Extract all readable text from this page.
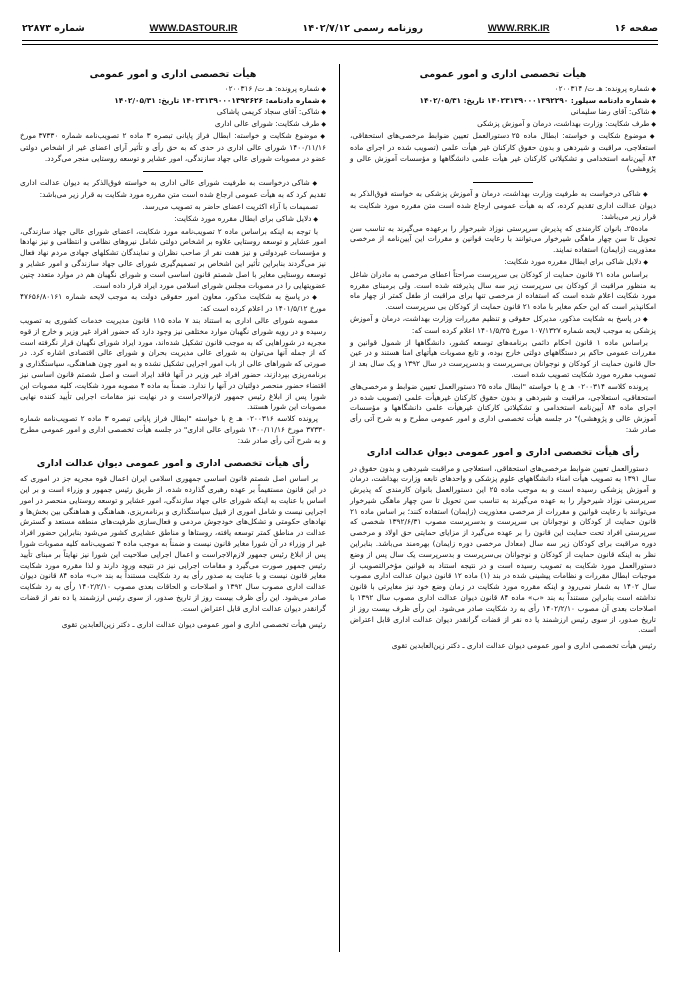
صفحه ۱۶
WWW.RRK.IR
روزنامه رسمی ۱۴۰۲/۷/۱۲
WWW.DASTOUR.IR
شماره ۲۲۸۷۳
هیأت تخصصی اداری و امور عمومی
◆ شماره پرونده: هـ ت/ ۰۲۰۰۳۱۴
◆ شماره دادنامه سیلور: ۱۴۰۲۳۱۳۹۰۰۰۱۳۹۲۲۹۰ تاریخ: ۱۴۰۲/۰۵/۳۱
◆ شاکی: آقای رضا سلیمانی
◆ طرف شکایت: وزارت بهداشت، درمان و آموزش پزشکی
◆ موضوع شکایت و خواسته: ابطال ماده ۲۵ دستورالعمل تعیین ضوابط مرخصی‌های استحقاقی، استعلاجی، مراقبت و شیردهی و بدون حقوق کارکنان غیر هیأت علمی (تصویب شده در اجرای ماده ۸۴ آیین‌نامه استخدامی و تشکیلاتی کارکنان غیر هیأت علمی دانشگاهها و مؤسسات آموزش عالی و پژوهشی)

◆ شاکی درخواست به طرفیت وزارت بهداشت، درمان و آموزش پزشکی به خواسته فوق‌الذکر به دیوان عدالت اداری تقدیم کرده، که به هیأت عمومی ارجاع شده است متن مقرره مورد شکایت به قرار زیر می‌باشد:

ماده۲۵ـ بانوان کارمندی که پذیرش سرپرستی نوزاد شیرخوار را برعهده می‌گیرند به تناسب سن تحویل تا سن چهار ماهگی شیرخوار می‌توانند با رعایت قوانین و مقررات این آیین‌نامه از مرخصی معذوریت (زایمان) استفاده نمایند.

◆ دلایل شاکی برای ابطال مقرره مورد شکایت:

براساس ماده ۲۱ قانون حمایت از کودکان بی سرپرست صراحتاً اعطای مرخصی به مادران شاغل به منظور مراقبت از کودکان بی سرپرست زیر سه سال پذیرفته شده است. ولی برمبنای مقرره مورد شکایت اعلام شده است که استفاده از مرخصی تنها برای مراقبت از طفل کمتر از چهار ماه امکانپذیر است که این حکم مغایر با ماده ۲۱ قانون حمایت از کودکان بی سرپرست است.

◆ در پاسخ به شکایت مذکور، مدیرکل حقوقی و تنظیم مقررات وزارت بهداشت، درمان و آموزش پزشکی به موجب لایحه شماره ۱۰۷/۱۳۲۷ مورخ ۱۴۰۱/۵/۲۵ اعلام کرده است که:

براساس ماده ۱ قانون احکام دائمی برنامه‌های توسعه کشور، دانشگاهها از شمول قوانین و مقررات عمومی حاکم بر دستگاههای دولتی خارج بوده، و تابع مصوبات هیأتهای امنا هستند و در عین حال قانون حمایت از کودکان و نوجوانان بی‌سرپرست و بدسرپرست در سال ۱۳۹۲ و یک سال بعد از تصویب مقرره مورد شکایت تصویب شده است.

پرونده کلاسه ۰۲۰۰۳۱۴ هـ ع با خواسته "ابطال ماده ۲۵ دستورالعمل تعیین ضوابط و مرخصی‌های استحقاقی، استعلاجی، مراقبت و شیردهی و بدون حقوق کارکنان غیرهیأت علمی (تصویب شده در اجرای ماده ۸۴ آیین‌نامه استخدامی و تشکیلاتی کارکنان غیرهیأت علمی دانشگاهها و مؤسسات آموزش عالی و پژوهشی)" در جلسه هیأت تخصصی اداری و امور عمومی مطرح و به شرح آتی رأی صادر شد:

رأی هیأت تخصصی اداری و امور عمومی دیوان عدالت اداری

دستورالعمل تعیین ضوابط مرخصی‌های استحقاقی، استعلاجی و مراقبت شیردهی و بدون حقوق در سال ۱۳۹۱ به تصویب هیأت امناء دانشگاههای علوم پزشکی و واحدهای تابعه وزارت بهداشت، درمان و آموزش پزشکی رسیده است و به موجب ماده ۲۵ این دستورالعمل بانوان کارمندی که پذیرش سرپرستی نوزاد شیرخوار را به عهده می‌گیرند به تناسب سن تحویل تا سن چهار ماهگی شیرخوار می‌توانند با رعایت قوانین و مقررات از مرخصی معذوریت (زایمان) استفاده کنند؛ بر اساس ماده ۲۱ قانون حمایت از کودکان و نوجوانان بی سرپرست و بدسرپرست مصوب ۱۳۹۲/۶/۳۱ شخصی که سرپرستی افراد تحت حمایت این قانون را بر عهده می‌گیرد از مزایای حمایتی حق اولاد و مرخصی دوره مراقبت برای کودکان زیر سه سال (معادل مرخصی دوره زایمان) بهره‌مند می‌باشد. بنابراین نظر به اینکه قانون حمایت از کودکان و نوجوانان بی‌سرپرست و بدسرپرست یک سال پس از وضع دستورالعمل مورد شکایت به تصویب رسیده است و در نتیجه استناد به قوانین مؤخرالتصویب از موجبات ابطال مقررات و نظامات پیشینی شده در بند (۱) ماده ۱۲ قانون دیوان عدالت اداری مصوب سال ۱۴۰۲ به شمار نمی‌رود و اینکه مقرره مورد شکایت در زمان وضع خود نیز مغایرتی با قانون نداشته است بنابراین مستنداً به بند «ب» ماده ۸۴ قانون دیوان عدالت اداری مصوب سال ۱۳۹۲ با اصلاحات بعدی آن مصوب ۱۴۰۲/۲/۱۰ رأی به رد شکایت صادر می‌شود. این رأی ظرف بیست روز از تاریخ صدور، از سوی رئیس ارزشمند یا ده نفر از قضات گرانقدر دیوان عدالت اداری قابل اعتراض است.

رئیس هیأت تخصصی اداری و امور عمومی دیوان عدالت اداری ـ دکتر زین‌العابدین تقوی

هیأت تخصصی اداری و امور عمومی
◆ شماره پرونده: هـ ت/ ۰۲۰۰۳۱۶
◆ شماره دادنامه: ۱۴۰۲۳۱۳۹۰۰۰۱۳۹۲۶۲۶ تاریخ: ۱۴۰۲/۰۵/۳۱
◆ شاکی: آقای سجاد کریمی پاشاکی
◆ طرف شکایت: شورای عالی اداری
◆ موضوع شکایت و خواسته: ابطال فراز پایانی تبصره ۳ ماده ۲ تصویب‌نامه شماره ۳۷۳۳۰ مورخ ۱۴۰۰/۱۱/۱۶ شورای عالی اداری در حدی که به حق رأی و تأثیر آرای اعضای غیر از اشخاص دولتی عضو در مصوبات شورای عالی جهاد سازندگی، امور عشایر و توسعه روستایی منجر می‌گردد.

◆ شاکی درخواست به طرفیت شورای عالی اداری به خواسته فوق‌الذکر به دیوان عدالت اداری تقدیم کرد که به هیأت عمومی ارجاع شده است متن مقرره مورد شکایت به قرار زیر می‌باشد:

تصمیمات با آراء اکثریت اعضای حاضر به تصویب می‌رسد.

◆ دلایل شاکی برای ابطال مقرره مورد شکایت:

با توجه به اینکه براساس ماده ۲ تصویب‌نامه مورد شکایت، اعضای شورای عالی جهاد سازندگی، امور عشایر و توسعه روستایی علاوه بر اشخاص دولتی شامل نیروهای نظامی و انتظامی و نیز نهادها و مؤسسات غیردولتی و نیز هفت نفر از صاحب نظران و نمایندگان تشکلهای جهادی مردم نهاد فعال نیز می‌گردند بنابراین تأثیر این اشخاص بر تصمیم‌گیری شورای عالی جهاد سازندگی و امور عشایر و توسعه روستایی مغایر با اصل شصتم قانون اساسی است و شورای نگهبان هم در موارد متعدد چنین عضویتهایی را در مصوبات مجلس شورای اسلامی مورد ایراد قرار داده است.

◆ در پاسخ به شکایت مذکور، معاون امور حقوقی دولت به موجب لایحه شماره ۴۷۶۵۶/۸۰۱۶۱ مورخ ۱۴۰۱/۵/۱۲ در اعلام کرده است که:

مصوبه شورای عالی اداری به استناد بند ۷ ماده ۱۱۵ قانون مدیریت خدمات کشوری به تصویب رسیده و در رویه شورای نگهبان موارد مختلفی نیز وجود دارد که حضور افراد غیر وزیر و خارج از قوه مجریه در شوراهایی که به موجب قانون تشکیل شده‌اند، مورد ایراد شورای نگهبان قرار نگرفته است که از جمله آنها می‌توان به شورای عالی مدیریت بحران و شورای عالی اقتصادی اشاره کرد. در صورتی که شوراهای عالی از باب امور اجرایی تشکیل نشده و به امور چون هماهنگی، سیاستگذاری و برنامه‌ریزی بپردازند، حضور افراد غیر وزیر در آنها فاقد ایراد است و اصل شصتم قانون اساسی نیز اقتضاء حضور منحصر دولتیان در آنها را ندارد. ضمناً به ماده ۴ مصوبه مورد شکایت، کلیه مصوبات این شورا پس از ابلاغ رئیس جمهور لازم‌الاجراست و در نهایت نیز مقامات اجرایی تأیید کننده نهایی مصوبات این شورا هستند.

پرونده کلاسه ۰۲۰۰۳۱۶ هـ ع با خواسته "ابطال فراز پایانی تبصره ۳ ماده ۲ تصویب‌نامه شماره ۳۷۳۳۰ مورخ ۱۴۰۰/۱۱/۱۶ شورای عالی اداری" در جلسه هیأت تخصصی اداری و امور عمومی مطرح و به شرح آتی رأی صادر شد:

رأی هیأت تخصصی اداری و امور عمومی دیوان عدالت اداری

بر اساس اصل شصتم قانون اساسی جمهوری اسلامی ایران اعمال قوه مجریه جز در اموری که در این قانون مستقیماً بر عهده رهبری گذارده شده، از طریق رئیس جمهور و وزراء است و بر این اساس با عنایت به اینکه شورای عالی جهاد سازندگی، امور عشایر و توسعه روستایی منحصر در امور اجرایی نیست و شامل اموری از قبیل سیاستگذاری و برنامه‌ریزی، هماهنگی و هماهنگی بین بخش‌ها و نهادهای حکومتی و تشکل‌های خودجوش مردمی و فعال‌سازی ظرفیت‌های منطقه مستعد و گسترش عدالت در مناطق کمتر توسعه یافته، روستاها و مناطق عشایری کشور می‌شود بنابراین حضور افراد غیر از وزراء در آن شورا مغایر قانون نیست و ضمناً به موجب ماده ۴ تصویب‌نامه کلیه مصوبات شورا پس از ابلاغ رئیس جمهور لازم‌الاجراست و اعمال اجرایی صلاحیت این شورا نیز نهایتاً بر مبنای تأیید رئیس جمهور صورت می‌گیرد و مقامات اجرایی نیز در نتیجه ورود دارند و لذا مقرره مورد شکایت مغایر قانون نیست و با عنایت به صدور رأی به رد شکایت مستنداً به بند «ب» ماده ۸۴ قانون دیوان عدالت اداری مصوب سال ۱۳۹۲ و اصلاحات و الحاقات بعدی مصوب ۱۴۰۲/۲/۱۰ رأی به رد شکایت صادر می‌شود. این رأی ظرف بیست روز از تاریخ صدور، از سوی رئیس ارزشمند یا ده نفر از قضات گرانقدر دیوان عدالت اداری قابل اعتراض است.

رئیس هیأت تخصصی اداری و امور عمومی دیوان عدالت اداری ـ دکتر زین‌العابدین تقوی
